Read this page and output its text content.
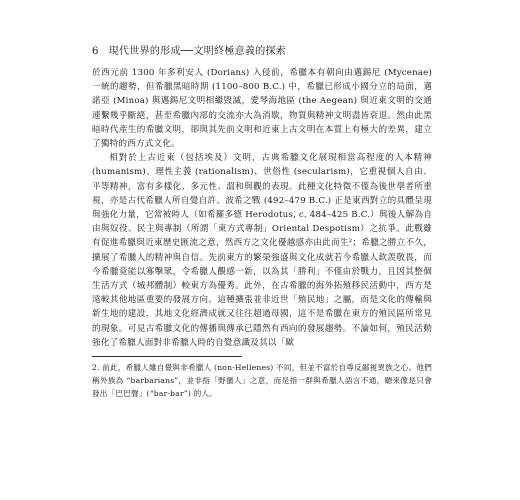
6 現代世界的形成──文明終極意義的探索

於西元前 1300 年多利安人 (Dorians) 入侵前，希臘本有朝向由邁錫尼 (Mycenae) 一統的趨勢，但希臘黑暗時期 (1100–800 B.C.) 中，希臘已形成小國分立的局面，邁諾亞 (Minoa) 與邁錫尼文明相繼毀滅，愛琴海地區 (the Aegean) 與近東文明的交通連繫幾乎斷絕，甚至希臘內部的交流亦大為消歇，物質與精神文明盡皆衰退。然由此黑暗時代產生的希臘文明，卻與其先前文明和近東上古文明在本質上有極大的差異，建立了獨特的西方式文化。

相對於上古近東（包括埃及）文明，古典希臘文化展現相當高程度的人本精神 (humanism)、理性主義 (rationalism)、世俗性 (secularism)，它重視個人自由、平等精神，富有多樣化、多元性、溫和與觀的表現。此種文化特徵不僅為後世學者所重視，亦是古代希臘人所自覺自許。波希之戰 (492–479 B.C.) 正是東西對立的具體呈現與強化力量，它常被時人（如希羅多德 Herodotus, c. 484–425 B.C.）與後人解為自由與奴役、民主與專制（所謂「東方式專制」Oriental Despotism）之抗爭。此戰雖有促進希臘與近東歷史匯流之意，然西方之文化優越感亦由此而生²；希臘之勝立不久，擴展了希臘人的精神與自信。先前東方的繁榮強盛與文化成就若今希臘人欽羨敬畏，而今希臘竟能以寡擊眾，令希臘人觀感一新，以為其「勝利」不僅由於戰力，且因其整個生活方式（城邦體制）較東方為優秀。此外，在古希臘的海外拓殖移民活動中，西方是遠較其他地區重要的發展方向。這種擴張並非近世「殖民地」之屬，而是文化的傳輸與新生地的建設，其地文化經濟成就又往往超過母國，這不是希臘在東方的殖民區所常見的現象。可見古希臘文化的傳播與傳承已隱然有西向的發展趨勢。不論如何，殖民活動強化了希臘人面對非希臘人時的自覺意識及其以「歐

2. 前此，希臘人雖自覺與非希臘人 (non-Hellenes) 不同，但並不富於自尊反鄙視異族之心。他們稱外族為 “barbarians”，並非指「野蠻人」之意，而是指一群與希臘人語言不通，聽來像是只會發出「巴巴聲」(“bar-bar”) 的人。
